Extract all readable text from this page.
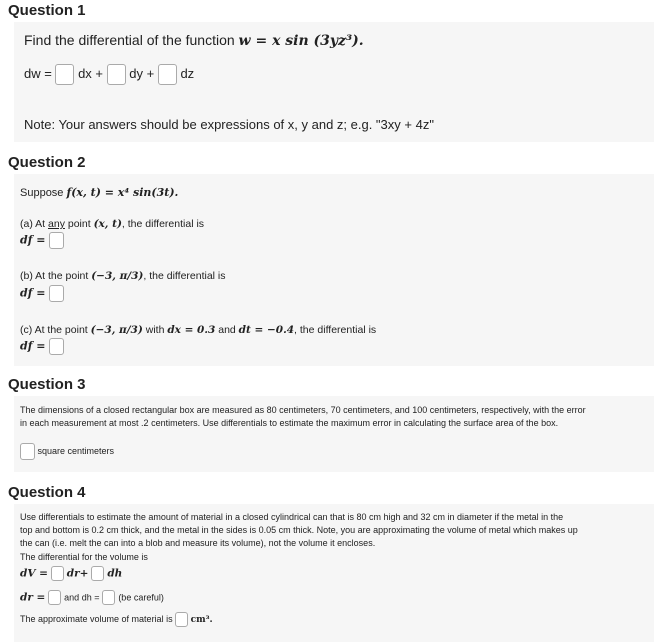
Question 1
Find the differential of the function w = x sin (3yz³).
dw =  dx + dy + dz
Note: Your answers should be expressions of x, y and z; e.g. "3xy + 4z"
Question 2
Suppose f(x, t) = x⁴ sin(3t).
(a) At any point (x, t), the differential is
df =
(b) At the point (−3, π/3), the differential is
df =
(c) At the point (−3, π/3) with dx = 0.3 and dt = −0.4, the differential is
df =
Question 3
The dimensions of a closed rectangular box are measured as 80 centimeters, 70 centimeters, and 100 centimeters, respectively, with the error
in each measurement at most .2 centimeters. Use differentials to estimate the maximum error in calculating the surface area of the box.
square centimeters
Question 4
Use differentials to estimate the amount of material in a closed cylindrical can that is 80 cm high and 32 cm in diameter if the metal in the
top and bottom is 0.2 cm thick, and the metal in the sides is 0.05 cm thick. Note, you are approximating the volume of metal which makes up
the can (i.e. melt the can into a blob and measure its volume), not the volume it encloses.
The differential for the volume is
dV = dr+ dh
dr = and dh = (be careful)
The approximate volume of material is cm³.
